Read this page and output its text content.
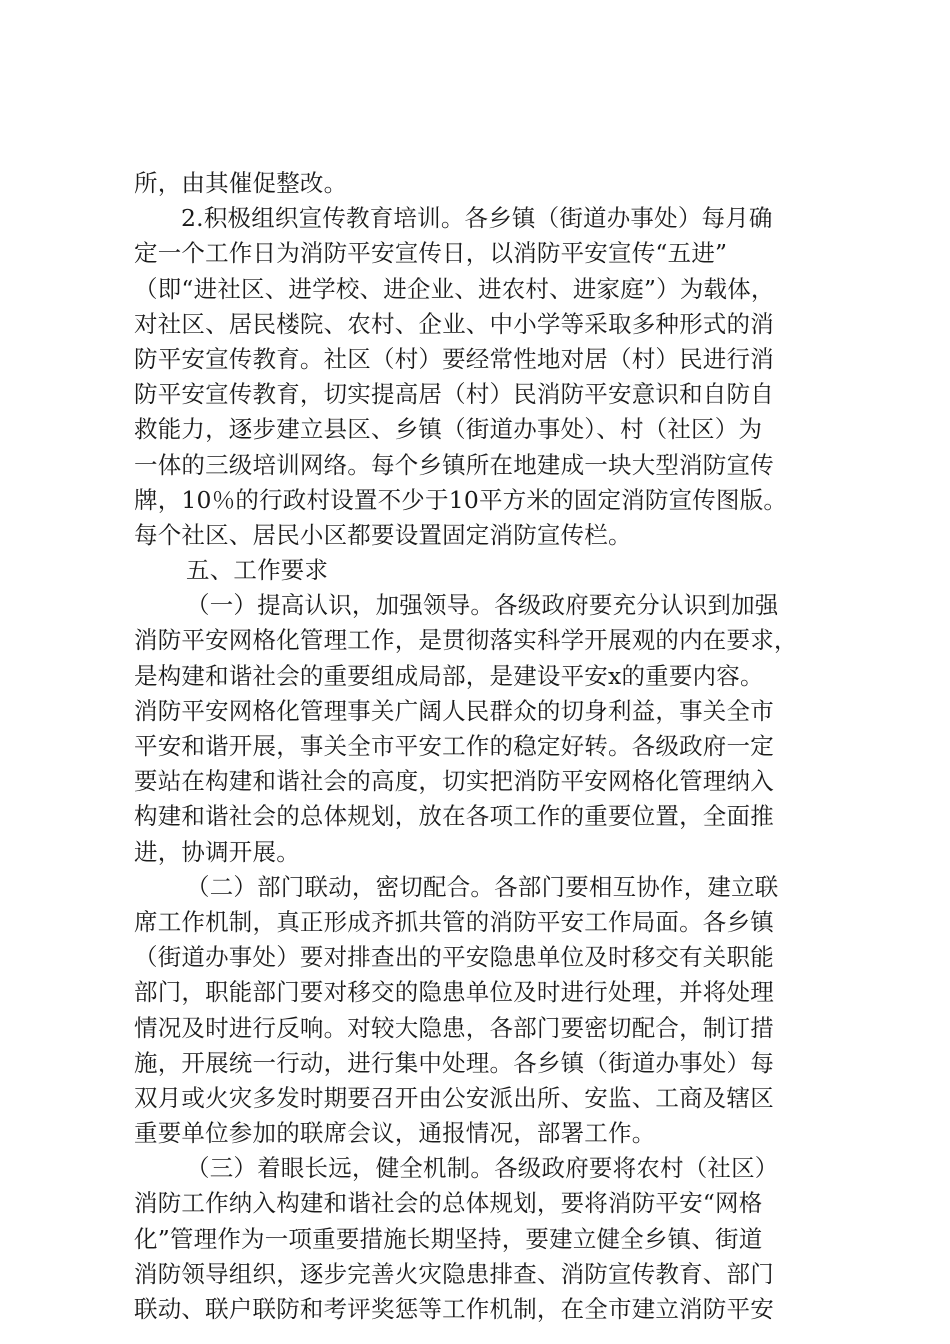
所，由其催促整改。
2.积极组织宣传教育培训。各乡镇（街道办事处）每月确
定一个工作日为消防平安宣传日，以消防平安宣传“五进”
（即“进社区、进学校、进企业、进农村、进家庭”）为载体，
对社区、居民楼院、农村、企业、中小学等采取多种形式的消
防平安宣传教育。社区（村）要经常性地对居（村）民进行消
防平安宣传教育，切实提高居（村）民消防平安意识和自防自
救能力，逐步建立县区、乡镇（街道办事处）、村（社区）为
一体的三级培训网络。每个乡镇所在地建成一块大型消防宣传
牌，10％的行政村设置不少于10平方米的固定消防宣传图版。
每个社区、居民小区都要设置固定消防宣传栏。
五、工作要求
（一）提高认识，加强领导。各级政府要充分认识到加强
消防平安网格化管理工作，是贯彻落实科学开展观的内在要求，
是构建和谐社会的重要组成局部，是建设平安x的重要内容。
消防平安网格化管理事关广阔人民群众的切身利益，事关全市
平安和谐开展，事关全市平安工作的稳定好转。各级政府一定
要站在构建和谐社会的高度，切实把消防平安网格化管理纳入
构建和谐社会的总体规划，放在各项工作的重要位置，全面推
进，协调开展。
（二）部门联动，密切配合。各部门要相互协作，建立联
席工作机制，真正形成齐抓共管的消防平安工作局面。各乡镇
（街道办事处）要对排查出的平安隐患单位及时移交有关职能
部门，职能部门要对移交的隐患单位及时进行处理，并将处理
情况及时进行反响。对较大隐患，各部门要密切配合，制订措
施，开展统一行动，进行集中处理。各乡镇（街道办事处）每
双月或火灾多发时期要召开由公安派出所、安监、工商及辖区
重要单位参加的联席会议，通报情况，部署工作。
（三）着眼长远，健全机制。各级政府要将农村（社区）
消防工作纳入构建和谐社会的总体规划，要将消防平安“网格
化”管理作为一项重要措施长期坚持，要建立健全乡镇、街道
消防领导组织，逐步完善火灾隐患排查、消防宣传教育、部门
联动、联户联防和考评奖惩等工作机制，在全市建立消防平安
